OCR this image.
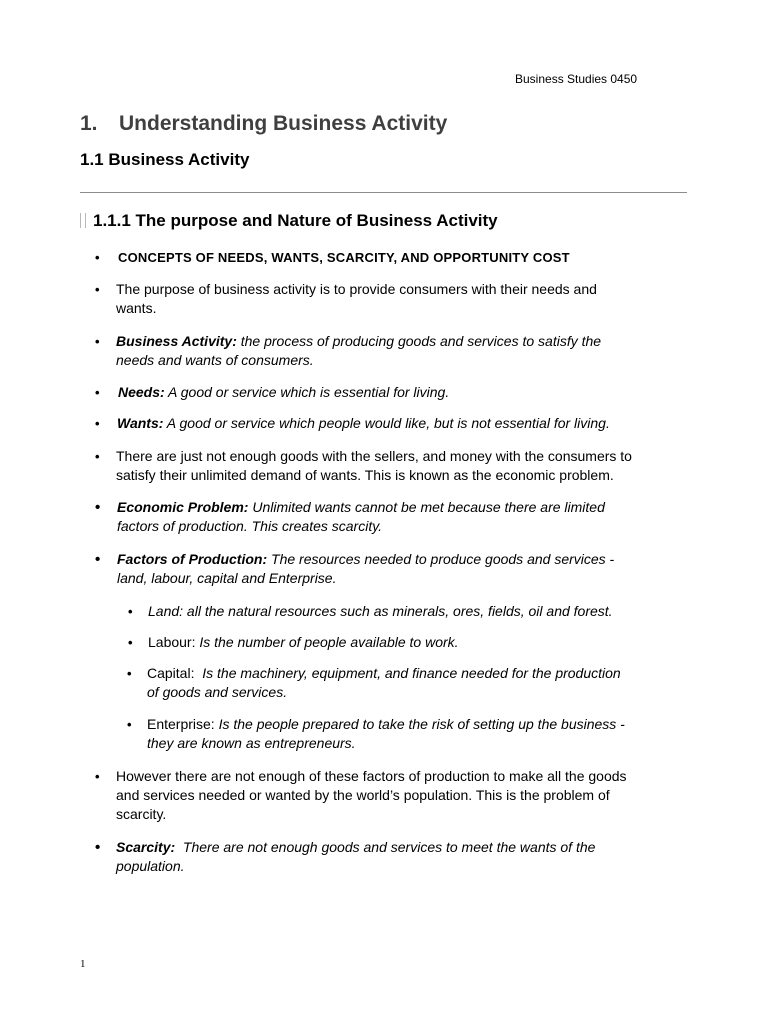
Business Studies 0450
1. Understanding Business Activity
1.1 Business Activity
1.1.1 The purpose and Nature of Business Activity
• CONCEPTS OF NEEDS, WANTS, SCARCITY, AND OPPORTUNITY COST
• The purpose of business activity is to provide consumers with their needs and
wants.
• Business Activity: the process of producing goods and services to satisfy the
needs and wants of consumers.
• Needs: A good or service which is essential for living.
• Wants: A good or service which people would like, but is not essential for living.
• There are just not enough goods with the sellers, and money with the consumers to
satisfy their unlimited demand of wants. This is known as the economic problem.
• Economic Problem: Unlimited wants cannot be met because there are limited
factors of production. This creates scarcity.
• Factors of Production: The resources needed to produce goods and services -
land, labour, capital and Enterprise.
• Land: all the natural resources such as minerals, ores, fields, oil and forest.
• Labour: Is the number of people available to work.
• Capital:  Is the machinery, equipment, and finance needed for the production
of goods and services.
• Enterprise: Is the people prepared to take the risk of setting up the business -
they are known as entrepreneurs.
• However there are not enough of these factors of production to make all the goods
and services needed or wanted by the world’s population. This is the problem of
scarcity.
• Scarcity:  There are not enough goods and services to meet the wants of the
population.
1
